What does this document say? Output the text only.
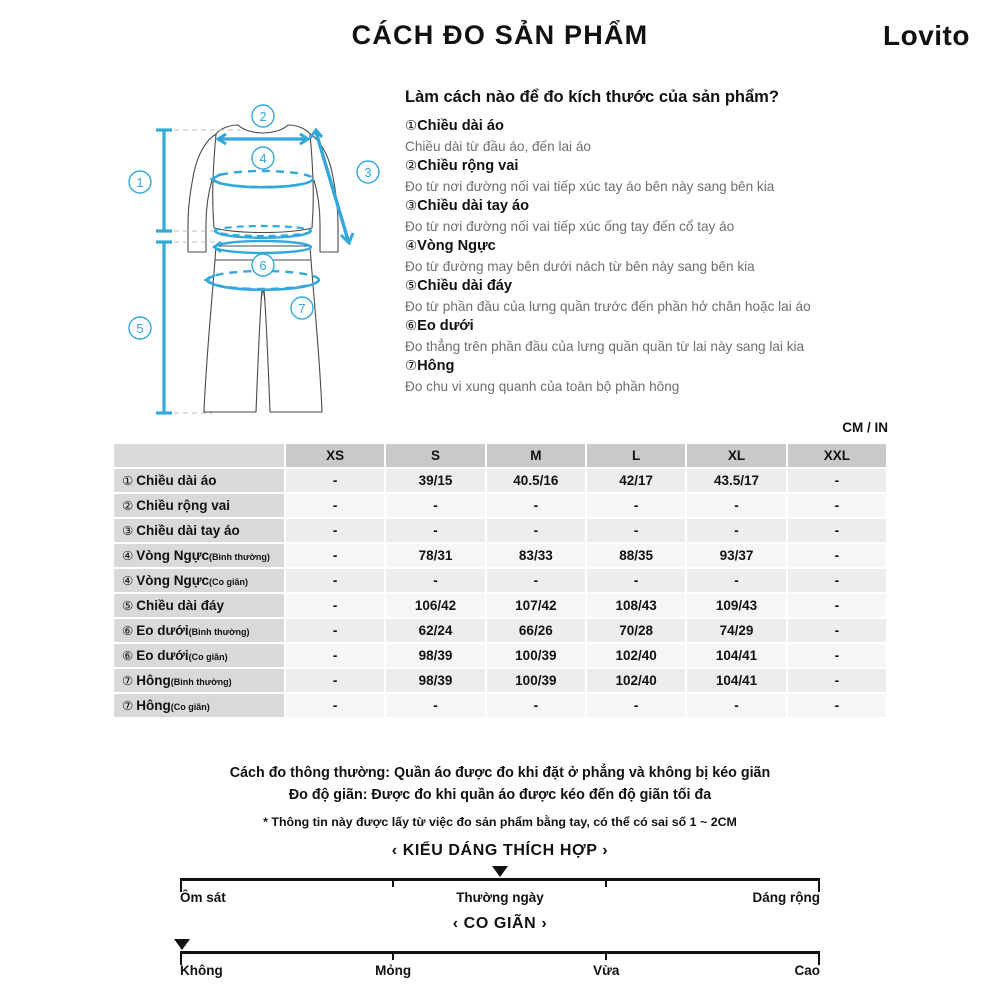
CÁCH ĐO SẢN PHẨM	Lovito
1
5
2
3
4
6
7
Làm cách nào để đo kích thước của sản phẩm?
①Chiều dài áo
Chiều dài từ đầu áo, đến lai áo
②Chiều rộng vai
Đo từ nơi đường nối vai tiếp xúc tay áo bên này sang bên kia
③Chiều dài tay áo
Đo từ nơi đường nối vai tiếp xúc ống tay đến cổ tay áo
④Vòng Ngực
Đo từ đường may bên dưới nách từ bên này sang bên kia
⑤Chiều dài đáy
Đo từ phần đầu của lưng quần trước đến phần hở chân hoặc lai áo
⑥Eo dưới
Đo thẳng trên phần đầu của lưng quần quần từ lai này sang lai kia
⑦Hông
Đo chu vi xung quanh của toàn bộ phần hông
CM / IN
	XS	S	M	L	XL	XXL
① Chiều dài áo	-	39/15	40.5/16	42/17	43.5/17	-
② Chiều rộng vai	-	-	-	-	-	-
③ Chiều dài tay áo	-	-	-	-	-	-
④ Vòng Ngực(Bình thường)	-	78/31	83/33	88/35	93/37	-
④ Vòng Ngực(Co giãn)	-	-	-	-	-	-
⑤ Chiều dài đáy	-	106/42	107/42	108/43	109/43	-
⑥ Eo dưới(Bình thường)	-	62/24	66/26	70/28	74/29	-
⑥ Eo dưới(Co giãn)	-	98/39	100/39	102/40	104/41	-
⑦ Hông(Bình thường)	-	98/39	100/39	102/40	104/41	-
⑦ Hông(Co giãn)	-	-	-	-	-	-
Cách đo thông thường: Quần áo được đo khi đặt ở phẳng và không bị kéo giãn
Đo độ giãn: Được đo khi quần áo được kéo đến độ giãn tối đa
* Thông tin này được lấy từ việc đo sản phẩm bằng tay, có thể có sai số 1 ~ 2CM
‹ KIỂU DÁNG THÍCH HỢP ›
Ôm sát	Thường ngày	Dáng rộng
‹ CO GIÃN ›
Không	Mỏng	Vừa	Cao
